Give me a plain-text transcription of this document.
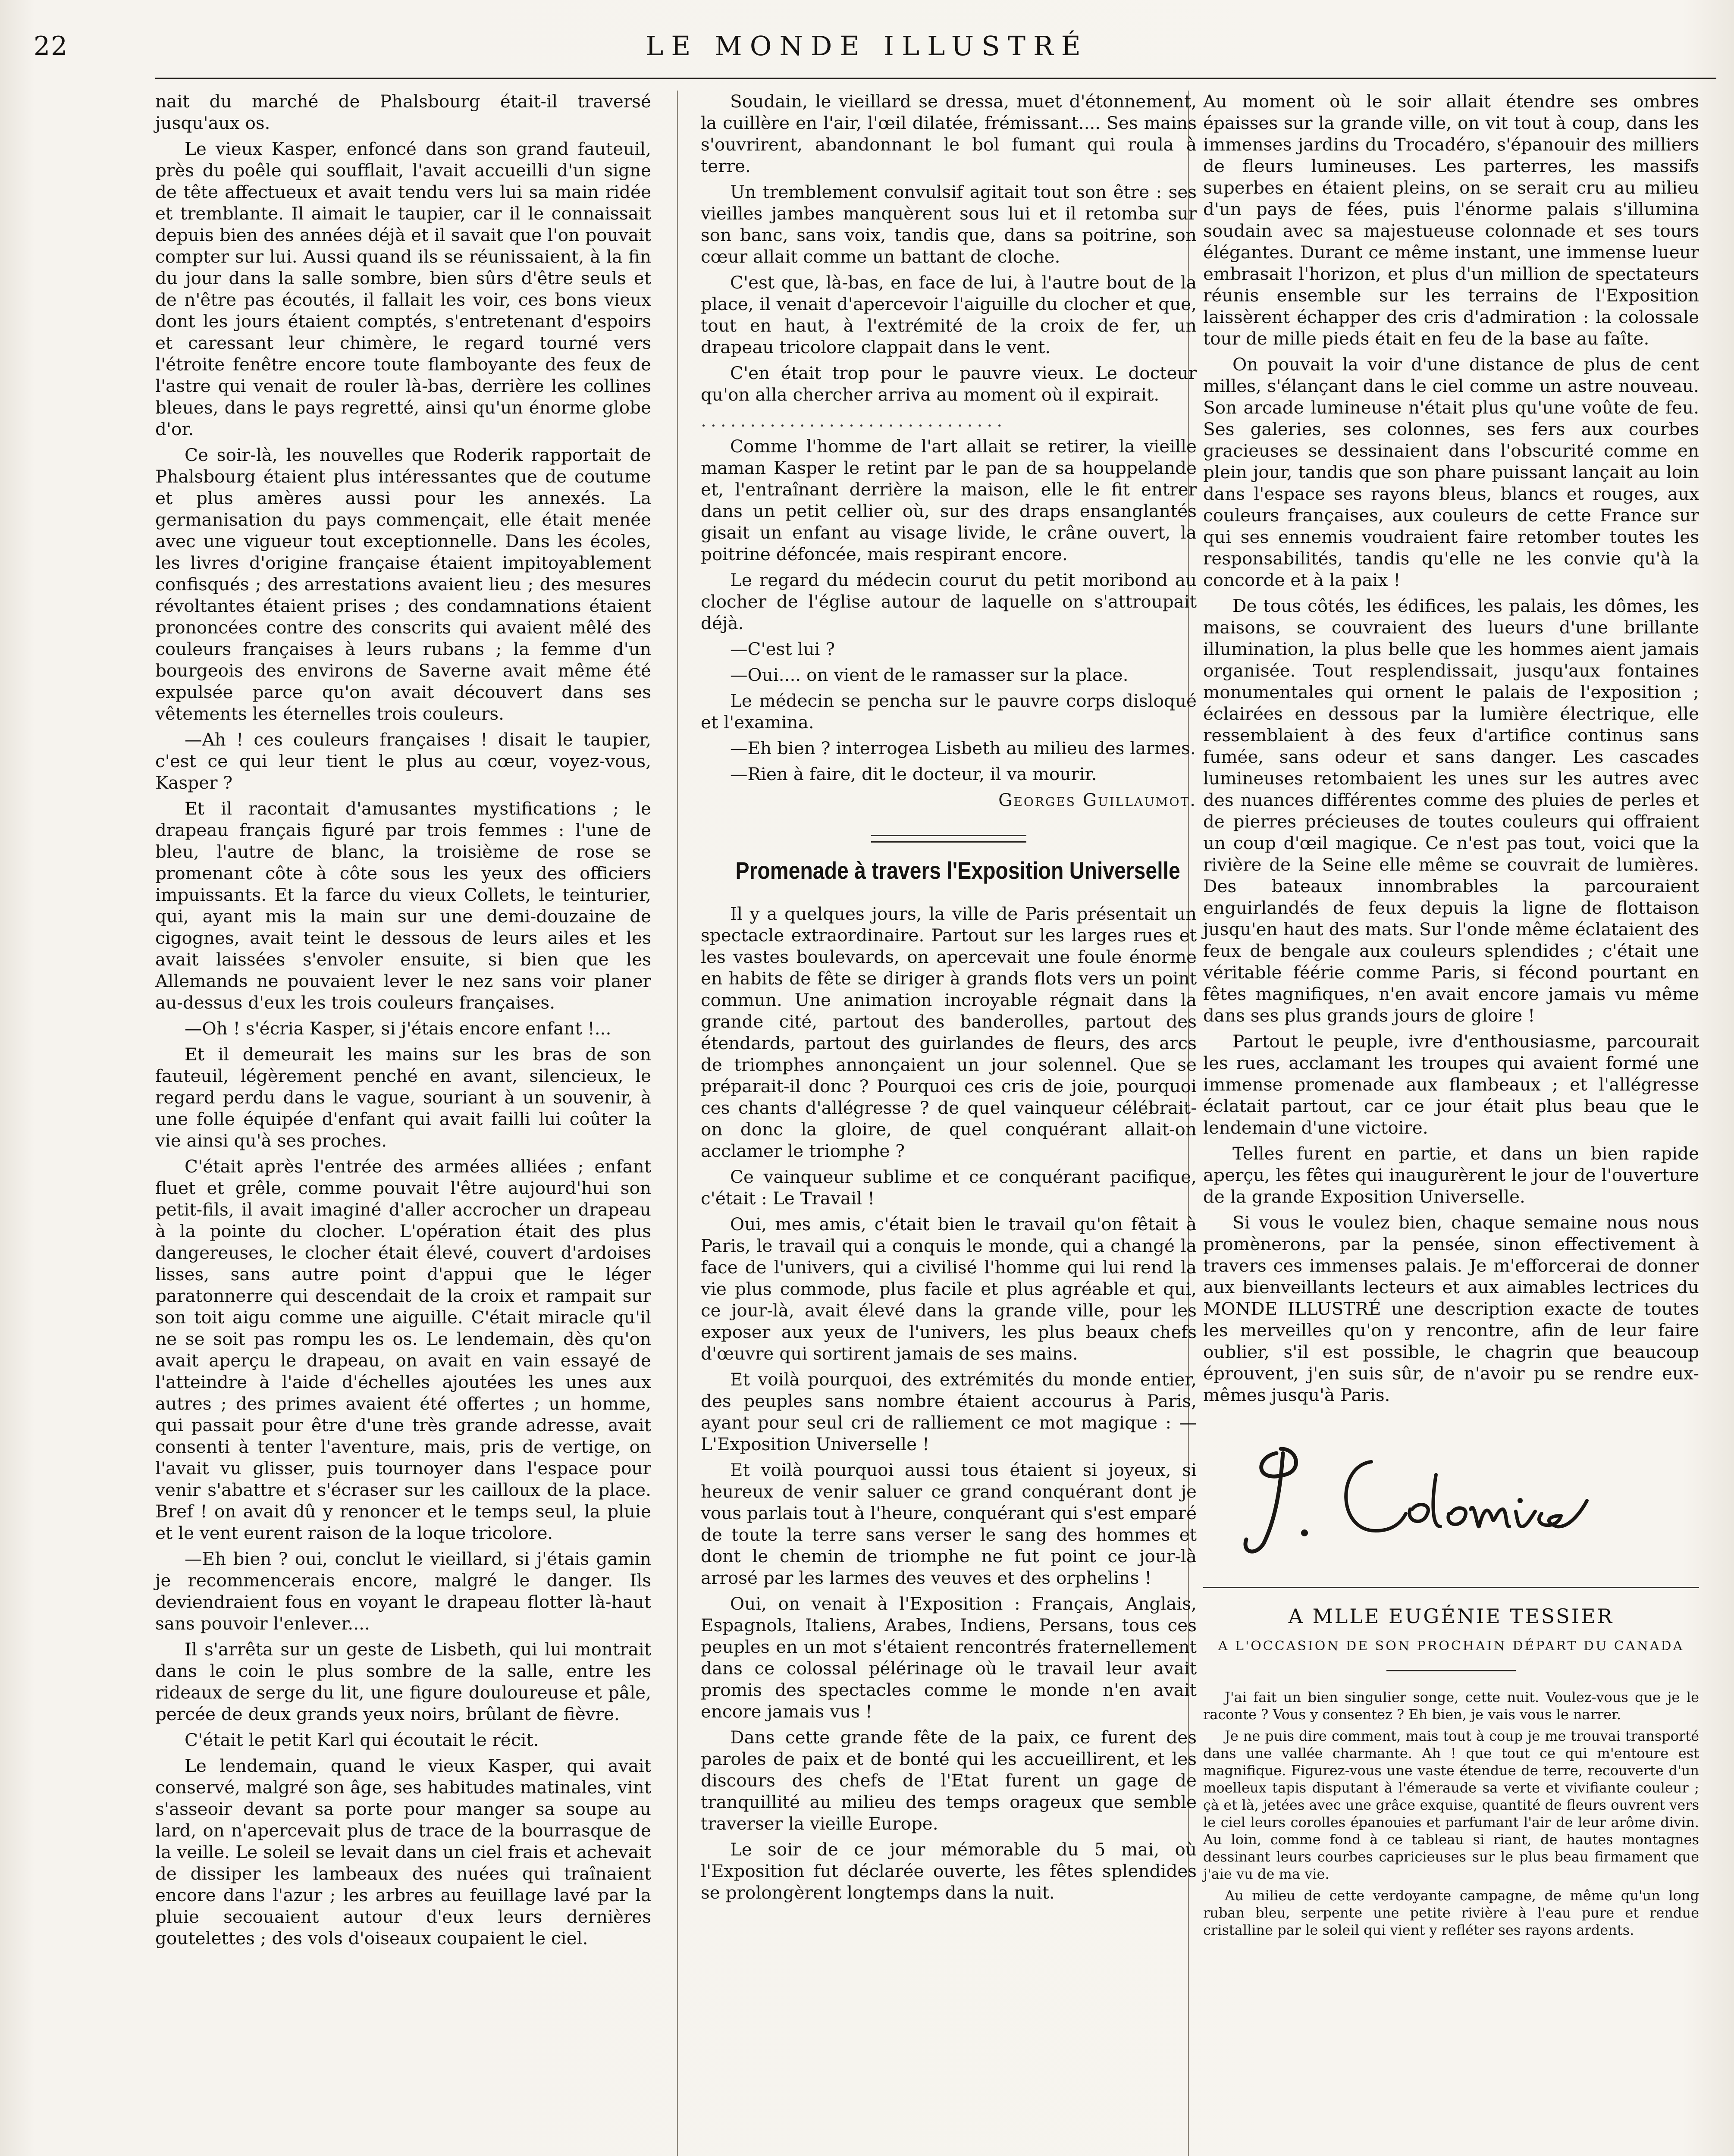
22	LE MONDE ILLUSTRÉ

nait du marché de Phalsbourg était-il traversé jusqu'aux os.

Le vieux Kasper, enfoncé dans son grand fauteuil, près du poêle qui soufflait, l'avait accueilli d'un signe de tête affectueux et avait tendu vers lui sa main ridée et tremblante. Il aimait le taupier, car il le connaissait depuis bien des années déjà et il savait que l'on pouvait compter sur lui. Aussi quand ils se réunissaient, à la fin du jour dans la salle sombre, bien sûrs d'être seuls et de n'être pas écoutés, il fallait les voir, ces bons vieux dont les jours étaient comptés, s'entretenant d'espoirs et caressant leur chimère, le regard tourné vers l'étroite fenêtre encore toute flamboyante des feux de l'astre qui venait de rouler là-bas, derrière les collines bleues, dans le pays regretté, ainsi qu'un énorme globe d'or.

Ce soir-là, les nouvelles que Roderik rapportait de Phalsbourg étaient plus intéressantes que de coutume et plus amères aussi pour les annexés. La germanisation du pays commençait, elle était menée avec une vigueur tout exceptionnelle. Dans les écoles, les livres d'origine française étaient impitoyablement confisqués ; des arrestations avaient lieu ; des mesures révoltantes étaient prises ; des condamnations étaient prononcées contre des conscrits qui avaient mêlé des couleurs françaises à leurs rubans ; la femme d'un bourgeois des environs de Saverne avait même été expulsée parce qu'on avait découvert dans ses vêtements les éternelles trois couleurs.

—Ah ! ces couleurs françaises ! disait le taupier, c'est ce qui leur tient le plus au cœur, voyez-vous, Kasper ?

Et il racontait d'amusantes mystifications ; le drapeau français figuré par trois femmes : l'une de bleu, l'autre de blanc, la troisième de rose se promenant côte à côte sous les yeux des officiers impuissants. Et la farce du vieux Collets, le teinturier, qui, ayant mis la main sur une demi-douzaine de cigognes, avait teint le dessous de leurs ailes et les avait laissées s'envoler ensuite, si bien que les Allemands ne pouvaient lever le nez sans voir planer au-dessus d'eux les trois couleurs françaises.

—Oh ! s'écria Kasper, si j'étais encore enfant !...

Et il demeurait les mains sur les bras de son fauteuil, légèrement penché en avant, silencieux, le regard perdu dans le vague, souriant à un souvenir, à une folle équipée d'enfant qui avait failli lui coûter la vie ainsi qu'à ses proches.

C'était après l'entrée des armées alliées ; enfant fluet et grêle, comme pouvait l'être aujourd'hui son petit-fils, il avait imaginé d'aller accrocher un drapeau à la pointe du clocher. L'opération était des plus dangereuses, le clocher était élevé, couvert d'ardoises lisses, sans autre point d'appui que le léger paratonnerre qui descendait de la croix et rampait sur son toit aigu comme une aiguille. C'était miracle qu'il ne se soit pas rompu les os. Le lendemain, dès qu'on avait aperçu le drapeau, on avait en vain essayé de l'atteindre à l'aide d'échelles ajoutées les unes aux autres ; des primes avaient été offertes ; un homme, qui passait pour être d'une très grande adresse, avait consenti à tenter l'aventure, mais, pris de vertige, on l'avait vu glisser, puis tournoyer dans l'espace pour venir s'abattre et s'écraser sur les cailloux de la place. Bref ! on avait dû y renoncer et le temps seul, la pluie et le vent eurent raison de la loque tricolore.

—Eh bien ? oui, conclut le vieillard, si j'étais gamin je recommencerais encore, malgré le danger. Ils deviendraient fous en voyant le drapeau flotter là-haut sans pouvoir l'enlever....

Il s'arrêta sur un geste de Lisbeth, qui lui montrait dans le coin le plus sombre de la salle, entre les rideaux de serge du lit, une figure douloureuse et pâle, percée de deux grands yeux noirs, brûlant de fièvre.

C'était le petit Karl qui écoutait le récit.

Le lendemain, quand le vieux Kasper, qui avait conservé, malgré son âge, ses habitudes matinales, vint s'asseoir devant sa porte pour manger sa soupe au lard, on n'apercevait plus de trace de la bourrasque de la veille. Le soleil se levait dans un ciel frais et achevait de dissiper les lambeaux des nuées qui traînaient encore dans l'azur ; les arbres au feuillage lavé par la pluie secouaient autour d'eux leurs dernières goutelettes ; des vols d'oiseaux coupaient le ciel.

Soudain, le vieillard se dressa, muet d'étonnement, la cuillère en l'air, l'œil dilatée, frémissant.... Ses mains s'ouvrirent, abandonnant le bol fumant qui roula à terre.

Un tremblement convulsif agitait tout son être : ses vieilles jambes manquèrent sous lui et il retomba sur son banc, sans voix, tandis que, dans sa poitrine, son cœur allait comme un battant de cloche.

C'est que, là-bas, en face de lui, à l'autre bout de la place, il venait d'apercevoir l'aiguille du clocher et que, tout en haut, à l'extrémité de la croix de fer, un drapeau tricolore clappait dans le vent.

C'en était trop pour le pauvre vieux. Le docteur qu'on alla chercher arriva au moment où il expirait.

...............................

Comme l'homme de l'art allait se retirer, la vieille maman Kasper le retint par le pan de sa houppelande et, l'entraînant derrière la maison, elle le fit entrer dans un petit cellier où, sur des draps ensanglantés gisait un enfant au visage livide, le crâne ouvert, la poitrine défoncée, mais respirant encore.

Le regard du médecin courut du petit moribond au clocher de l'église autour de laquelle on s'attroupait déjà.

—C'est lui ?

—Oui.... on vient de le ramasser sur la place.

Le médecin se pencha sur le pauvre corps disloqué et l'examina.

—Eh bien ? interrogea Lisbeth au milieu des larmes.

—Rien à faire, dit le docteur, il va mourir.

Georges Guillaumot.

Promenade à travers l'Exposition Universelle

Il y a quelques jours, la ville de Paris présentait un spectacle extraordinaire. Partout sur les larges rues et les vastes boulevards, on apercevait une foule énorme en habits de fête se diriger à grands flots vers un point commun. Une animation incroyable régnait dans la grande cité, partout des banderolles, partout des étendards, partout des guirlandes de fleurs, des arcs de triomphes annonçaient un jour solennel. Que se préparait-il donc ? Pourquoi ces cris de joie, pourquoi ces chants d'allégresse ? de quel vainqueur célébrait-on donc la gloire, de quel conquérant allait-on acclamer le triomphe ?

Ce vainqueur sublime et ce conquérant pacifique, c'était : Le Travail !

Oui, mes amis, c'était bien le travail qu'on fêtait à Paris, le travail qui a conquis le monde, qui a changé la face de l'univers, qui a civilisé l'homme qui lui rend la vie plus commode, plus facile et plus agréable et qui, ce jour-là, avait élevé dans la grande ville, pour les exposer aux yeux de l'univers, les plus beaux chefs d'œuvre qui sortirent jamais de ses mains.

Et voilà pourquoi, des extrémités du monde entier, des peuples sans nombre étaient accourus à Paris, ayant pour seul cri de ralliement ce mot magique : —L'Exposition Universelle !

Et voilà pourquoi aussi tous étaient si joyeux, si heureux de venir saluer ce grand conquérant dont je vous parlais tout à l'heure, conquérant qui s'est emparé de toute la terre sans verser le sang des hommes et dont le chemin de triomphe ne fut point ce jour-là arrosé par les larmes des veuves et des orphelins !

Oui, on venait à l'Exposition : Français, Anglais, Espagnols, Italiens, Arabes, Indiens, Persans, tous ces peuples en un mot s'étaient rencontrés fraternellement dans ce colossal pélérinage où le travail leur avait promis des spectacles comme le monde n'en avait encore jamais vus !

Dans cette grande fête de la paix, ce furent des paroles de paix et de bonté qui les accueillirent, et les discours des chefs de l'Etat furent un gage de tranquillité au milieu des temps orageux que semble traverser la vieille Europe.

Le soir de ce jour mémorable du 5 mai, où l'Exposition fut déclarée ouverte, les fêtes splendides se prolongèrent longtemps dans la nuit.

Au moment où le soir allait étendre ses ombres épaisses sur la grande ville, on vit tout à coup, dans les immenses jardins du Trocadéro, s'épanouir des milliers de fleurs lumineuses. Les parterres, les massifs superbes en étaient pleins, on se serait cru au milieu d'un pays de fées, puis l'énorme palais s'illumina soudain avec sa majestueuse colonnade et ses tours élégantes. Durant ce même instant, une immense lueur embrasait l'horizon, et plus d'un million de spectateurs réunis ensemble sur les terrains de l'Exposition laissèrent échapper des cris d'admiration : la colossale tour de mille pieds était en feu de la base au faîte.

On pouvait la voir d'une distance de plus de cent milles, s'élançant dans le ciel comme un astre nouveau. Son arcade lumineuse n'était plus qu'une voûte de feu. Ses galeries, ses colonnes, ses fers aux courbes gracieuses se dessinaient dans l'obscurité comme en plein jour, tandis que son phare puissant lançait au loin dans l'espace ses rayons bleus, blancs et rouges, aux couleurs françaises, aux couleurs de cette France sur qui ses ennemis voudraient faire retomber toutes les responsabilités, tandis qu'elle ne les convie qu'à la concorde et à la paix !

De tous côtés, les édifices, les palais, les dômes, les maisons, se couvraient des lueurs d'une brillante illumination, la plus belle que les hommes aient jamais organisée. Tout resplendissait, jusqu'aux fontaines monumentales qui ornent le palais de l'exposition ; éclairées en dessous par la lumière électrique, elle ressemblaient à des feux d'artifice continus sans fumée, sans odeur et sans danger. Les cascades lumineuses retombaient les unes sur les autres avec des nuances différentes comme des pluies de perles et de pierres précieuses de toutes couleurs qui offraient un coup d'œil magique. Ce n'est pas tout, voici que la rivière de la Seine elle même se couvrait de lumières. Des bateaux innombrables la parcouraient enguirlandés de feux depuis la ligne de flottaison jusqu'en haut des mats. Sur l'onde même éclataient des feux de bengale aux couleurs splendides ; c'était une véritable féérie comme Paris, si fécond pourtant en fêtes magnifiques, n'en avait encore jamais vu même dans ses plus grands jours de gloire !

Partout le peuple, ivre d'enthousiasme, parcourait les rues, acclamant les troupes qui avaient formé une immense promenade aux flambeaux ; et l'allégresse éclatait partout, car ce jour était plus beau que le lendemain d'une victoire.

Telles furent en partie, et dans un bien rapide aperçu, les fêtes qui inaugurèrent le jour de l'ouverture de la grande Exposition Universelle.

Si vous le voulez bien, chaque semaine nous nous promènerons, par la pensée, sinon effectivement à travers ces immenses palais. Je m'efforcerai de donner aux bienveillants lecteurs et aux aimables lectrices du MONDE ILLUSTRÉ une description exacte de toutes les merveilles qu'on y rencontre, afin de leur faire oublier, s'il est possible, le chagrin que beaucoup éprouvent, j'en suis sûr, de n'avoir pu se rendre eux-mêmes jusqu'à Paris.

A MLLE EUGÉNIE TESSIER
A L'OCCASION DE SON PROCHAIN DÉPART DU CANADA

J'ai fait un bien singulier songe, cette nuit. Voulez-vous que je le raconte ? Vous y consentez ? Eh bien, je vais vous le narrer.

Je ne puis dire comment, mais tout à coup je me trouvai transporté dans une vallée charmante. Ah ! que tout ce qui m'entoure est magnifique. Figurez-vous une vaste étendue de terre, recouverte d'un moelleux tapis disputant à l'émeraude sa verte et vivifiante couleur ; çà et là, jetées avec une grâce exquise, quantité de fleurs ouvrent vers le ciel leurs corolles épanouies et parfumant l'air de leur arôme divin. Au loin, comme fond à ce tableau si riant, de hautes montagnes dessinant leurs courbes capricieuses sur le plus beau firmament que j'aie vu de ma vie.

Au milieu de cette verdoyante campagne, de même qu'un long ruban bleu, serpente une petite rivière à l'eau pure et rendue cristalline par le soleil qui vient y refléter ses rayons ardents.
